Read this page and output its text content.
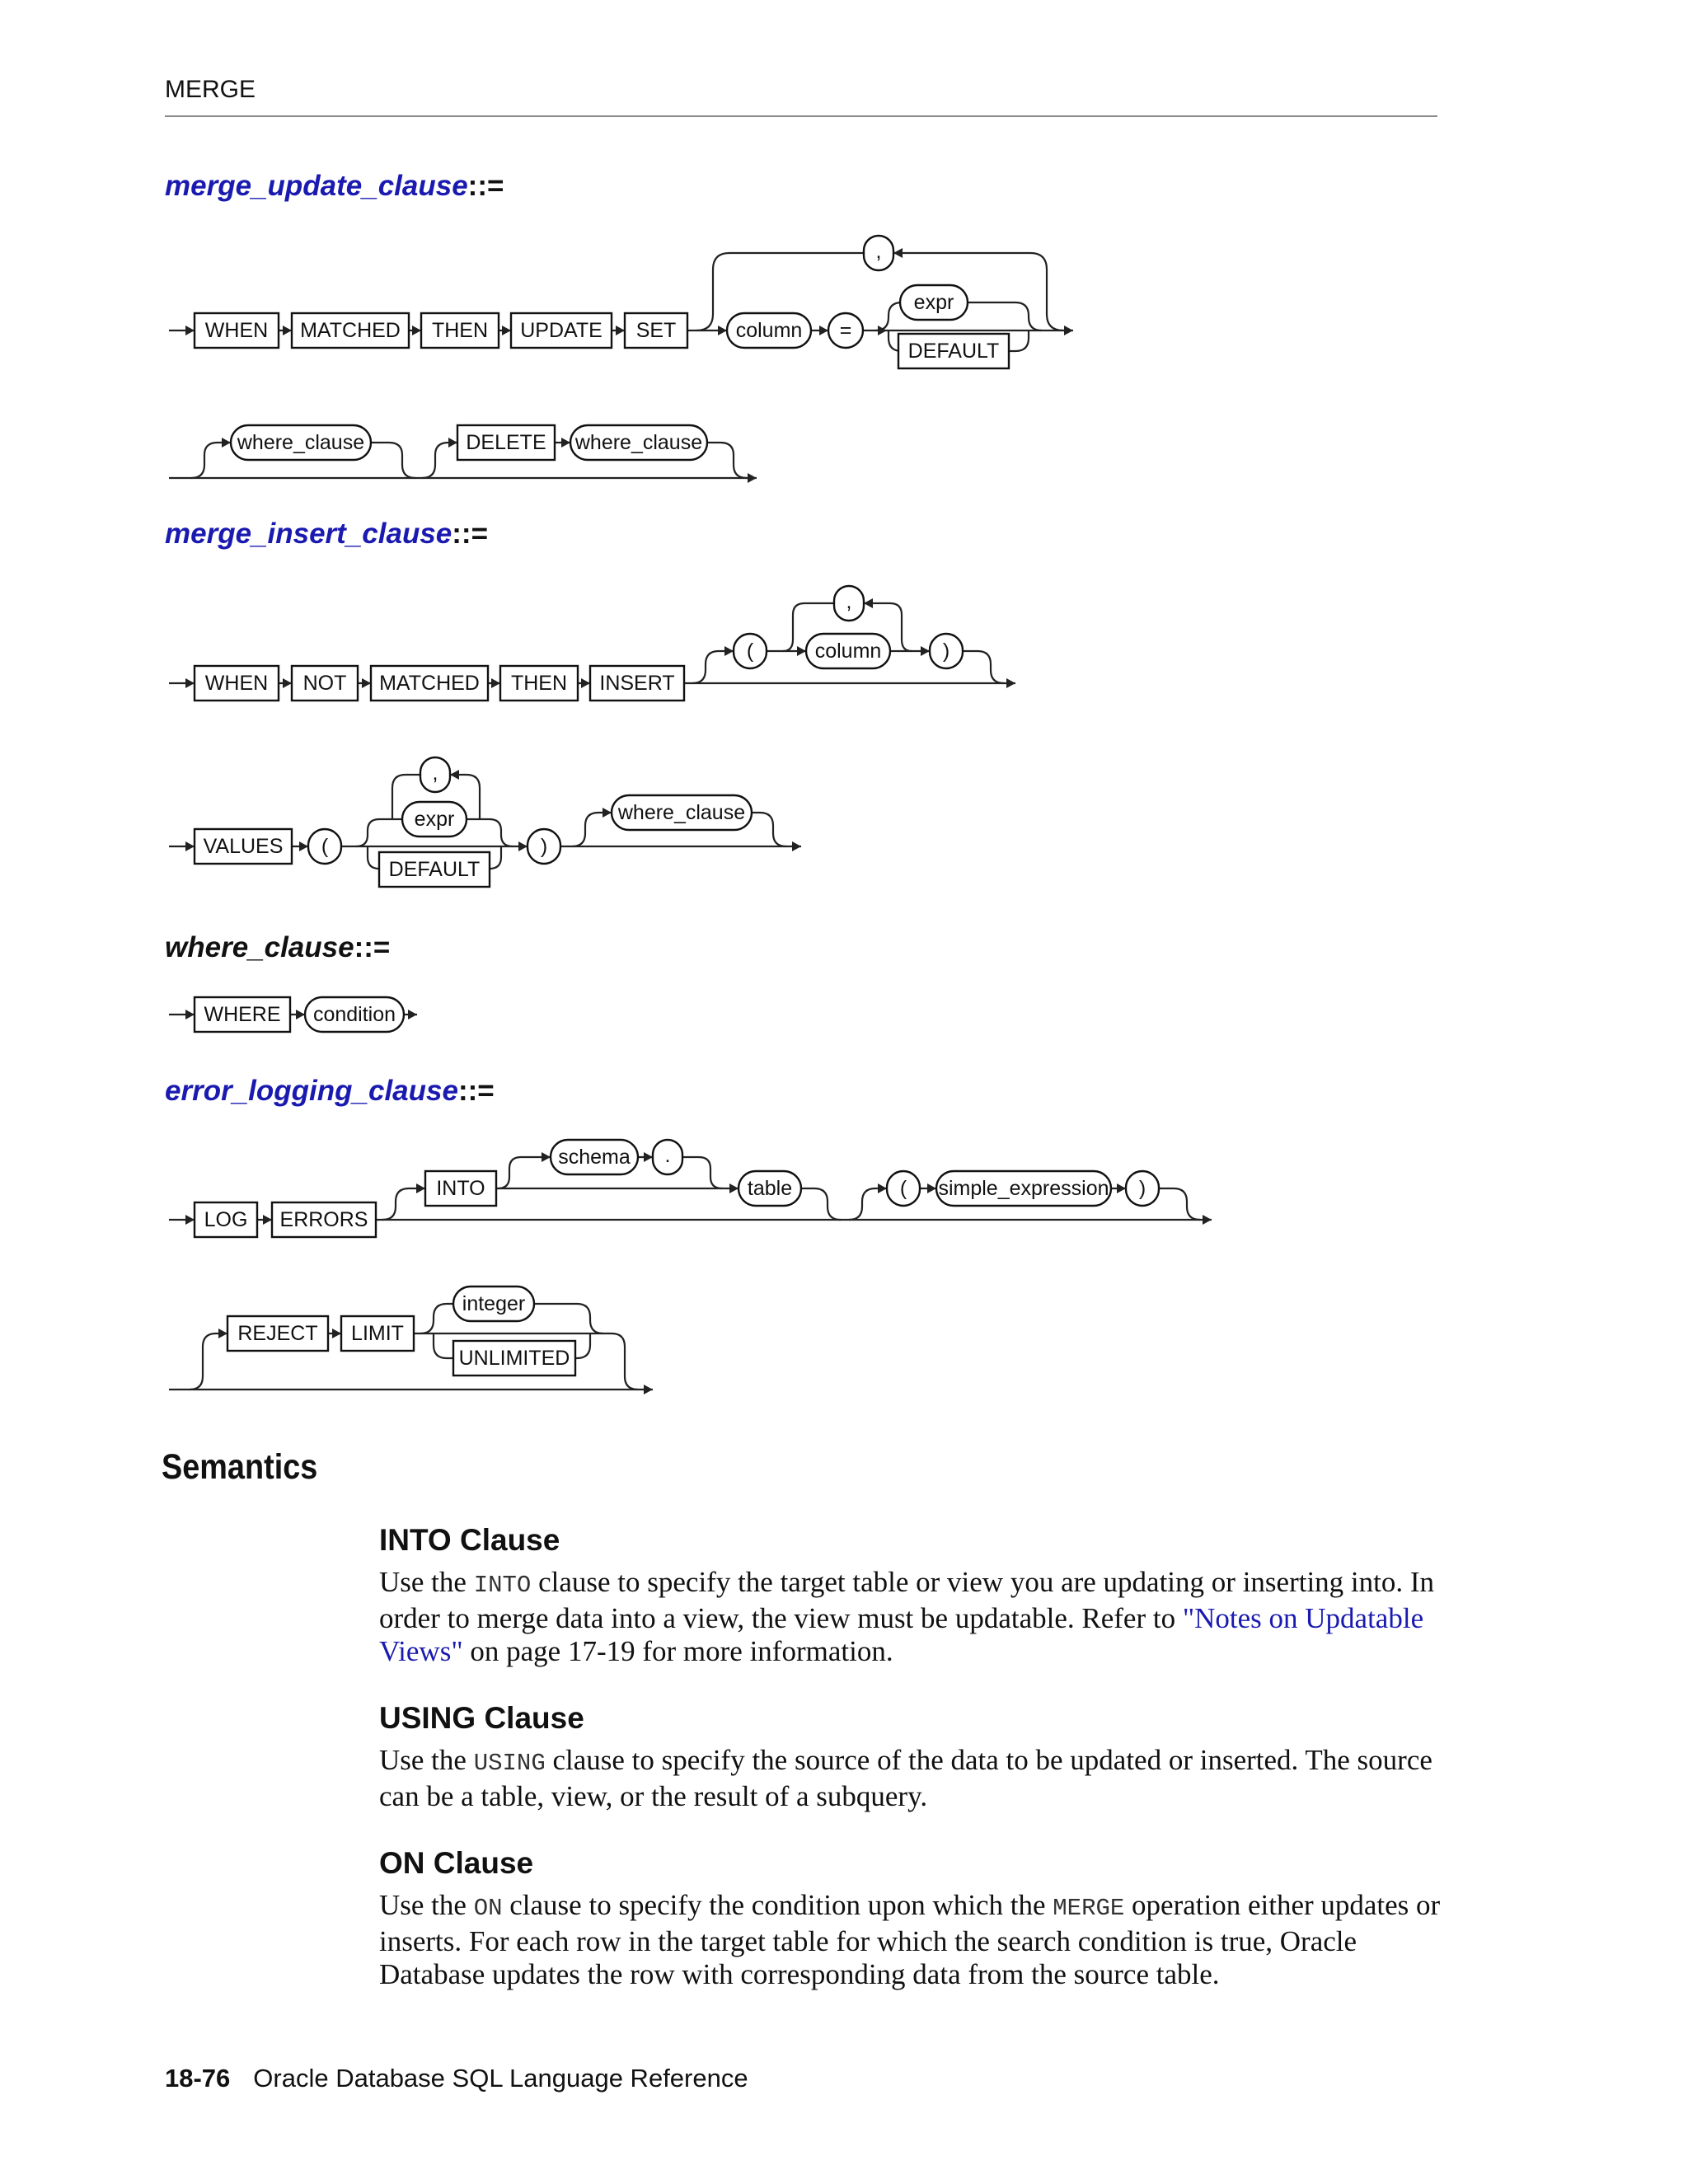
MERGE
merge_update_clause::=
WHEN MATCHED THEN UPDATE SET
,
column =
expr
DEFAULT
where_clause	DELETE where_clause
merge_insert_clause::=
WHEN NOT MATCHED THEN INSERT
(
,
column	)
VALUES (
,
expr
DEFAULT
)
where_clause
where_clause::=
WHERE condition
error_logging_clause::=
LOG ERRORS
INTO
schema .
table	( simple_expression )
REJECT LIMIT
integer
UNLIMITED
Semantics
INTO Clause
Use the INTO clause to specify the target table or view you are updating or inserting into. In order to merge data into a view, the view must be updatable. Refer to "Notes on Updatable Views" on page 17-19 for more information.
USING Clause
Use the USING clause to specify the source of the data to be updated or inserted. The source can be a table, view, or the result of a subquery.
ON Clause
Use the ON clause to specify the condition upon which the MERGE operation either updates or inserts. For each row in the target table for which the search condition is true, Oracle Database updates the row with corresponding data from the source table.
18-76 Oracle Database SQL Language Reference
